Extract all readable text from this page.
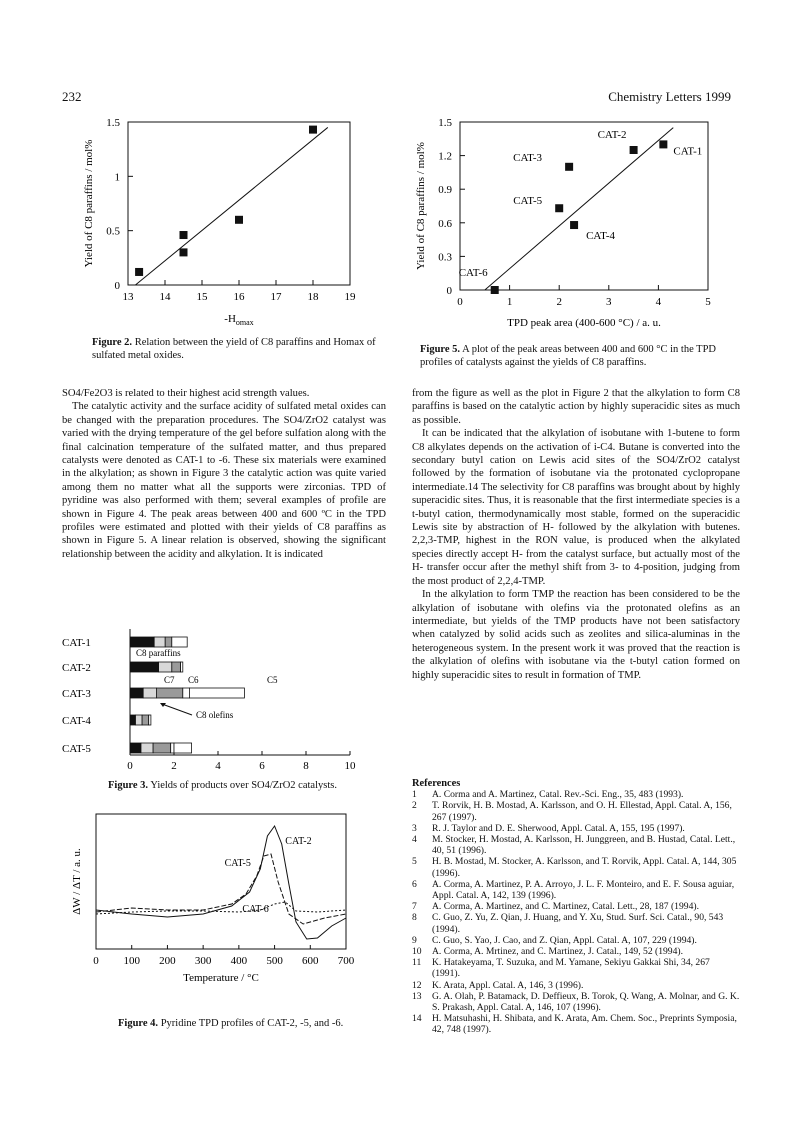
232	Chemistry Letters 1999
13 14 15 16 17 18 19
0
0.5
1
1.5
Yield of C8 paraffins / mol%
$-H_{omax}$
Figure 2. Relation between the yield of C8 paraffins and Homax of sulfated metal oxides.
0	1	2	3	4	5
0
0.3
0.6
0.9
1.2
1.5
CAT-6
CAT-5
CAT-4
CAT-3
CAT-2
CAT-1
Yield of C8 paraffins / mol%
TPD peak area (400-600 °C) / a. u.
Figure 5. A plot of the peak areas between 400 and 600 °C in the TPD profiles of catalysts against the yields of C8 paraffins.

SO4/Fe2O3 is related to their highest acid strength values.

The catalytic activity and the surface acidity of sulfated metal oxides can be changed with the preparation procedures. The SO4/ZrO2 catalyst was varied with the drying temperature of the gel before sulfation along with the final calcination temperature of the sulfated matter, and thus prepared catalysts were denoted as CAT-1 to -6. These six materials were examined in the alkylation; as shown in Figure 3 the catalytic action was quite varied among them no matter what all the supports were zirconias. TPD of pyridine was also performed with them; several examples of profile are shown in Figure 4. The peak areas between 400 and 600 ºC in the TPD profiles were estimated and plotted with their yields of C8 paraffins as shown in Figure 5. A linear relation is observed, showing the significant relationship between the acidity and alkylation. It is indicated

0	2	4	6	8	10
CAT-1
CAT-2
CAT-3
CAT-4
CAT-5
C8 paraffins
C7 C6	C5
C8 olefins
Figure 3. Yields of products over SO4/ZrO2 catalysts.
0 100 200 300 400 500 600 700
Temperature / °C
ΔW / ΔT / a. u.
CAT-2
CAT-5
CAT-6
Figure 4. Pyridine TPD profiles of CAT-2, -5, and -6.

from the figure as well as the plot in Figure 2 that the alkylation to form C8 paraffins is based on the catalytic action by highly superacidic sites as much as possible.

It can be indicated that the alkylation of isobutane with 1-butene to form C8 alkylates depends on the activation of i-C4. Butane is converted into the secondary butyl cation on Lewis acid sites of the SO4/ZrO2 catalyst followed by the formation of isobutane via the protonated cyclopropane intermediate.14 The selectivity for C8 paraffins was brought about by highly superacidic sites. Thus, it is reasonable that the first intermediate species is a t-butyl cation, thermodynamically most stable, formed on the superacidic Lewis site by abstraction of H- followed by the alkylation with butenes. 2,2,3-TMP, highest in the RON value, is produced when the alkylated species directly accept H- from the catalyst surface, but actually most of the H- transfer occur after the methyl shift from 3- to 4-position, judging from the most product of 2,2,4-TMP.

In the alkylation to form TMP the reaction has been considered to be the alkylation of isobutane with olefins via the protonated olefins as an intermediate, but yields of the TMP products have not been satisfactory when catalyzed by solid acids such as zeolites and silica-aluminas in the heterogeneous system. In the present work it was proved that the reaction is the alkylation of olefins with isobutane via the t-butyl cation formed on highly superacidic sites to result in formation of TMP.

References
1	A. Corma and A. Martinez, Catal. Rev.-Sci. Eng., 35, 483 (1993).
2	T. Rorvik, H. B. Mostad, A. Karlsson, and O. H. Ellestad, Appl. Catal. A, 156, 267 (1997).
3	R. J. Taylor and D. E. Sherwood, Appl. Catal. A, 155, 195 (1997).
4	M. Stocker, H. Mostad, A. Karlsson, H. Junggreen, and B. Hustad, Catal. Lett., 40, 51 (1996).
5	H. B. Mostad, M. Stocker, A. Karlsson, and T. Rorvik, Appl. Catal. A, 144, 305 (1996).
6	A. Corma, A. Martinez, P. A. Arroyo, J. L. F. Monteiro, and E. F. Sousa aguiar, Appl. Catal. A, 142, 139 (1996).
7	A. Corma, A. Martinez, and C. Martinez, Catal. Lett., 28, 187 (1994).
8	C. Guo, Z. Yu, Z. Qian, J. Huang, and Y. Xu, Stud. Surf. Sci. Catal., 90, 543 (1994).
9	C. Guo, S. Yao, J. Cao, and Z. Qian, Appl. Catal. A, 107, 229 (1994).
10	A. Corma, A. Mrtinez, and C. Martinez, J. Catal., 149, 52 (1994).
11	K. Hatakeyama, T. Suzuka, and M. Yamane, Sekiyu Gakkai Shi, 34, 267 (1991).
12	K. Arata, Appl. Catal. A, 146, 3 (1996).
13	G. A. Olah, P. Batamack, D. Deffieux, B. Torok, Q. Wang, A. Molnar, and G. K. S. Prakash, Appl. Catal. A, 146, 107 (1996).
14	H. Matsuhashi, H. Shibata, and K. Arata, Am. Chem. Soc., Preprints Symposia, 42, 748 (1997).
